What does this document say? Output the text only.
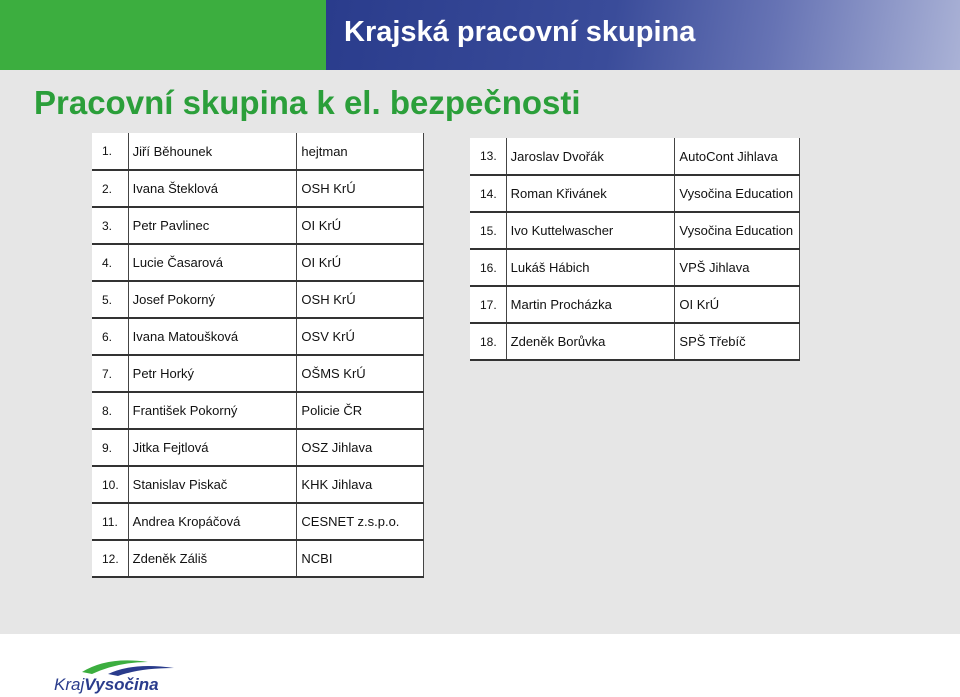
Krajská pracovní skupina
Pracovní skupina k el. bezpečnosti
1.	Jiří Běhounek	hejtman
2.	Ivana Šteklová	OSH KrÚ
3.	Petr Pavlinec	OI KrÚ
4.	Lucie Časarová	OI KrÚ
5.	Josef Pokorný	OSH KrÚ
6.	Ivana Matoušková	OSV KrÚ
7.	Petr Horký	OŠMS KrÚ
8.	František Pokorný	Policie ČR
9.	Jitka Fejtlová	OSZ Jihlava
10.	Stanislav Piskač	KHK Jihlava
11.	Andrea Kropáčová	CESNET z.s.p.o.
12.	Zdeněk Záliš	NCBI
13.	Jaroslav Dvořák	AutoCont Jihlava
14.	Roman Křivánek	Vysočina Education
15.	Ivo Kuttelwascher	Vysočina Education
16.	Lukáš Hábich	VPŠ Jihlava
17.	Martin Procházka	OI KrÚ
18.	Zdeněk Borůvka	SPŠ Třebíč
KrajVysočina
